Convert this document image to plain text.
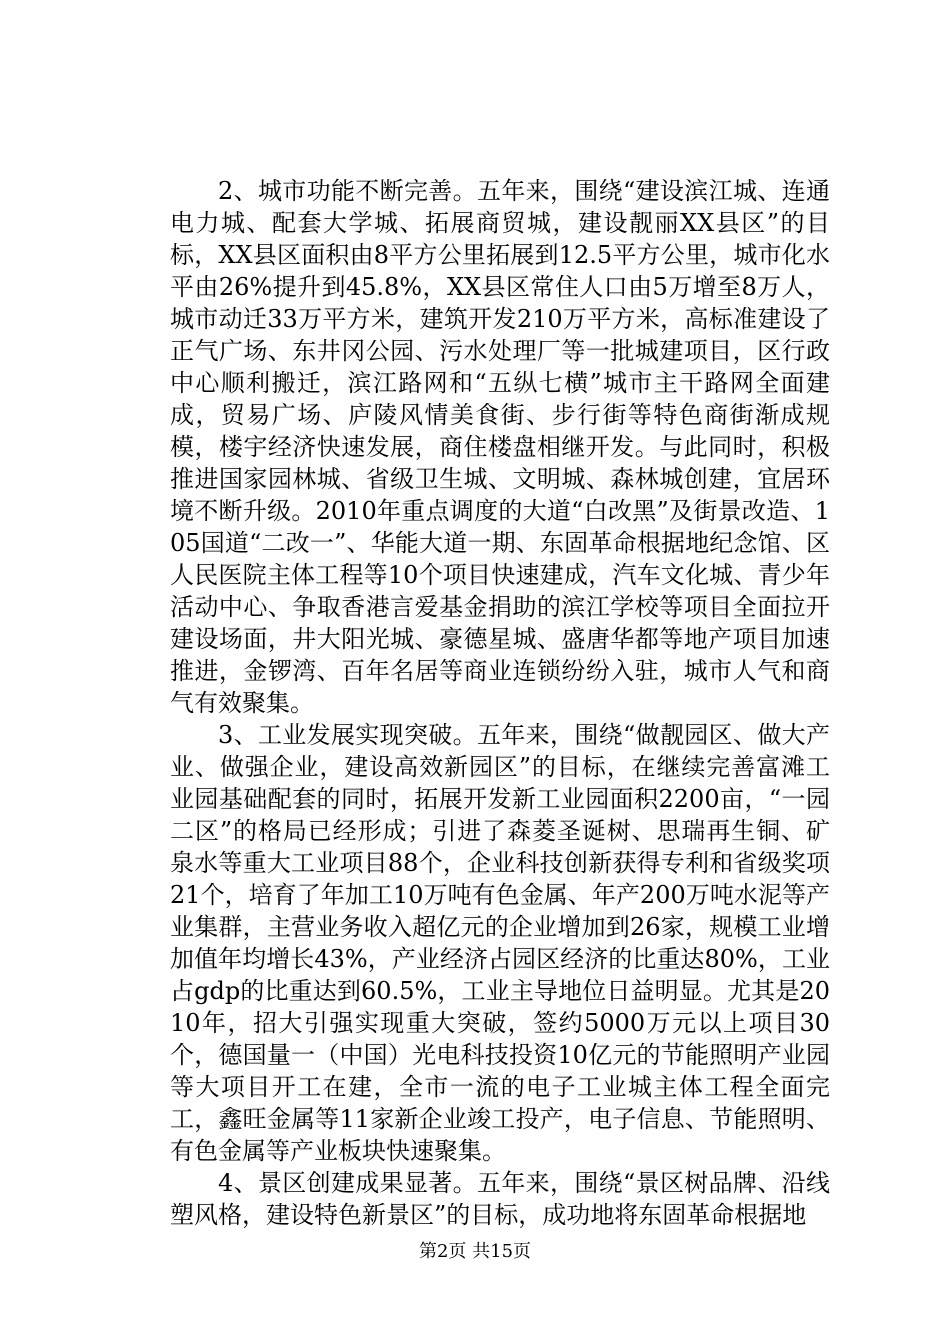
2、城市功能不断完善。五年来，围绕“建设滨江城、连通电力城、配套大学城、拓展商贸城，建设靓丽XX县区”的目标，XX县区面积由8平方公里拓展到12.5平方公里，城市化水平由26%提升到45.8%，XX县区常住人口由5万增至8万人，城市动迁33万平方米，建筑开发210万平方米，高标准建设了正气广场、东井冈公园、污水处理厂等一批城建项目，区行政中心顺利搬迁，滨江路网和“五纵七横”城市主干路网全面建成，贸易广场、庐陵风情美食街、步行街等特色商街渐成规模，楼宇经济快速发展，商住楼盘相继开发。与此同时，积极推进国家园林城、省级卫生城、文明城、森林城创建，宜居环境不断升级。2010年重点调度的大道“白改黑”及街景改造、105国道“二改一”、华能大道一期、东固革命根据地纪念馆、区人民医院主体工程等10个项目快速建成，汽车文化城、青少年活动中心、争取香港言爱基金捐助的滨江学校等项目全面拉开建设场面，井大阳光城、豪德星城、盛唐华都等地产项目加速推进，金锣湾、百年名居等商业连锁纷纷入驻，城市人气和商气有效聚集。

3、工业发展实现突破。五年来，围绕“做靓园区、做大产业、做强企业，建设高效新园区”的目标，在继续完善富滩工业园基础配套的同时，拓展开发新工业园面积2200亩，“一园二区”的格局已经形成；引进了森菱圣诞树、思瑞再生铜、矿泉水等重大工业项目88个，企业科技创新获得专利和省级奖项21个，培育了年加工10万吨有色金属、年产200万吨水泥等产业集群，主营业务收入超亿元的企业增加到26家，规模工业增加值年均增长43%，产业经济占园区经济的比重达80%，工业占gdp的比重达到60.5%，工业主导地位日益明显。尤其是2010年，招大引强实现重大突破，签约5000万元以上项目30个，德国量一（中国）光电科技投资10亿元的节能照明产业园等大项目开工在建，全市一流的电子工业城主体工程全面完工，鑫旺金属等11家新企业竣工投产，电子信息、节能照明、有色金属等产业板块快速聚集。

4、景区创建成果显著。五年来，围绕“景区树品牌、沿线塑风格，建设特色新景区”的目标，成功地将东固革命根据地

第2页 共15页
